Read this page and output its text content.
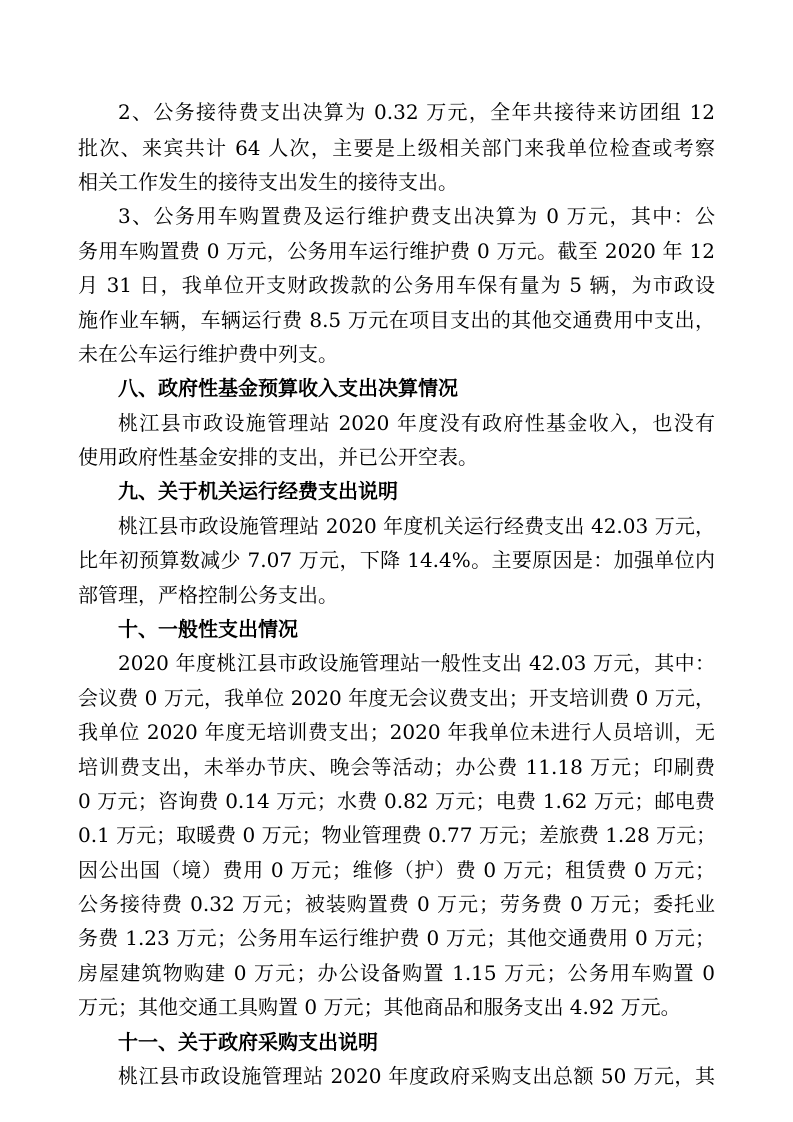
2、公务接待费支出决算为 0.32 万元，全年共接待来访团组 12
批次、来宾共计 64 人次，主要是上级相关部门来我单位检查或考察
相关工作发生的接待支出发生的接待支出。
3、公务用车购置费及运行维护费支出决算为 0 万元，其中：公
务用车购置费 0 万元，公务用车运行维护费 0 万元。截至 2020 年 12
月 31 日，我单位开支财政拨款的公务用车保有量为 5 辆，为市政设
施作业车辆，车辆运行费 8.5 万元在项目支出的其他交通费用中支出，
未在公车运行维护费中列支。
八、政府性基金预算收入支出决算情况
桃江县市政设施管理站 2020 年度没有政府性基金收入，也没有
使用政府性基金安排的支出，并已公开空表。
九、关于机关运行经费支出说明
桃江县市政设施管理站 2020 年度机关运行经费支出 42.03 万元，
比年初预算数减少 7.07 万元，下降 14.4%。主要原因是：加强单位内
部管理，严格控制公务支出。
十、一般性支出情况
2020 年度桃江县市政设施管理站一般性支出 42.03 万元，其中：
会议费 0 万元，我单位 2020 年度无会议费支出；开支培训费 0 万元，
我单位 2020 年度无培训费支出；2020 年我单位未进行人员培训，无
培训费支出，未举办节庆、晚会等活动；办公费 11.18 万元；印刷费
0 万元；咨询费 0.14 万元；水费 0.82 万元；电费 1.62 万元；邮电费
0.1 万元；取暖费 0 万元；物业管理费 0.77 万元；差旅费 1.28 万元；
因公出国（境）费用 0 万元；维修（护）费 0 万元；租赁费 0 万元；
公务接待费 0.32 万元；被装购置费 0 万元；劳务费 0 万元；委托业
务费 1.23 万元；公务用车运行维护费 0 万元；其他交通费用 0 万元；
房屋建筑物购建 0 万元；办公设备购置 1.15 万元；公务用车购置 0
万元；其他交通工具购置 0 万元；其他商品和服务支出 4.92 万元。
十一、关于政府采购支出说明
桃江县市政设施管理站 2020 年度政府采购支出总额 50 万元，其
